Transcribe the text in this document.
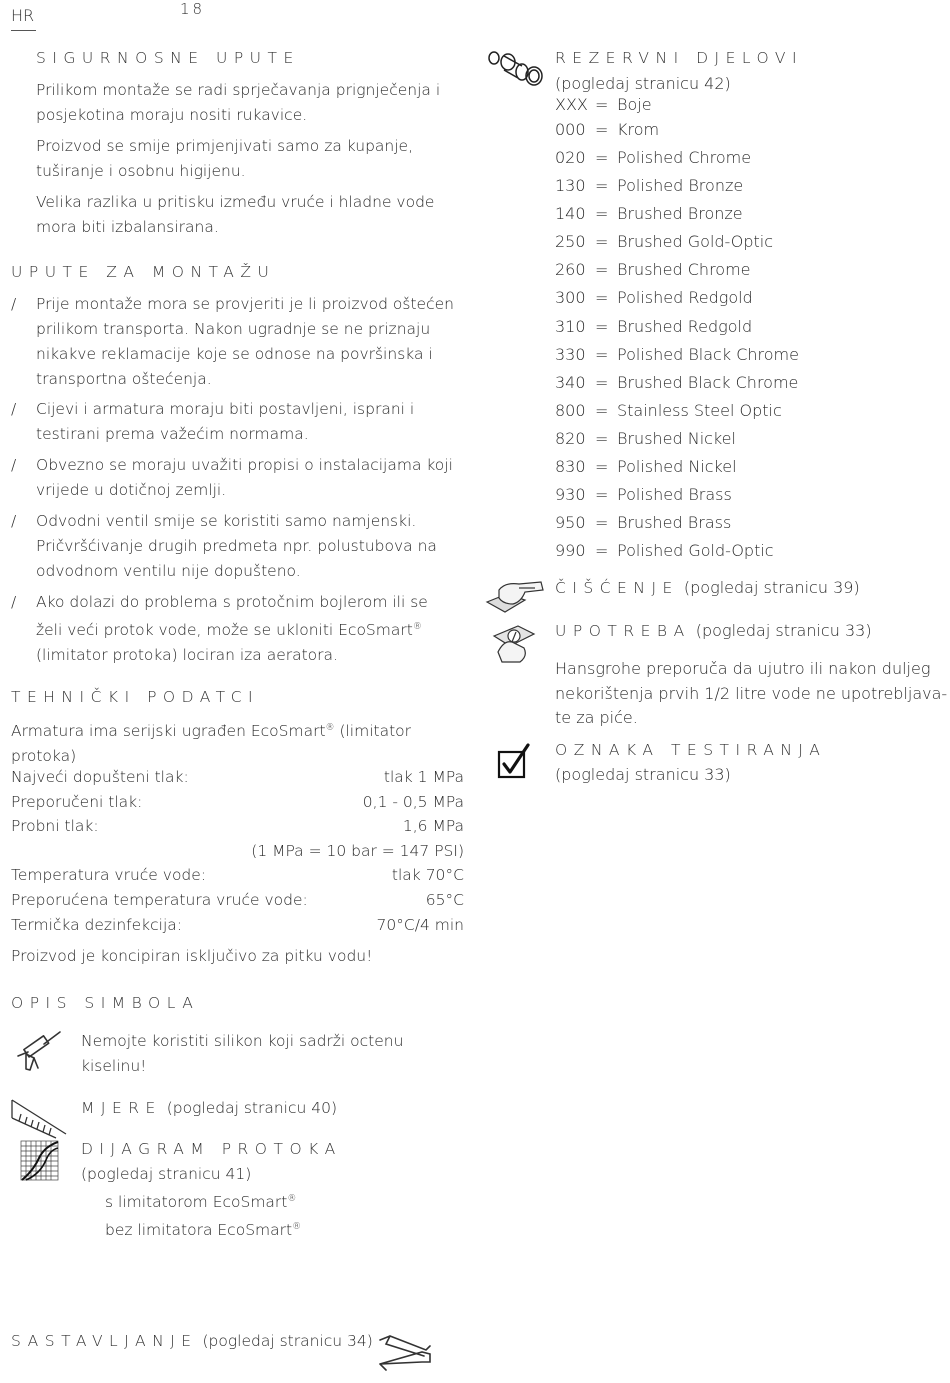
HR	18
SIGURNOSNE UPUTE
Prilikom montaže se radi sprječavanja prignječenja i
posjekotina moraju nositi rukavice.
Proizvod se smije primjenjivati samo za kupanje,
tuširanje i osobnu higijenu.
Velika razlika u pritisku između vruće i hladne vode
mora biti izbalansirana.
UPUTE ZA MONTAŽU
/ Prije montaže mora se provjeriti je li proizvod oštećen
prilikom transporta. Nakon ugradnje se ne priznaju
nikakve reklamacije koje se odnose na površinska i
transportna oštećenja.
/ Cijevi i armatura moraju biti postavljeni, isprani i
testirani prema važećim normama.
/ Obvezno se moraju uvažiti propisi o instalacijama koji
vrijede u dotičnoj zemlji.
/ Odvodni ventil smije se koristiti samo namjenski.
Pričvršćivanje drugih predmeta npr. polustubova na
odvodnom ventilu nije dopušteno.
/ Ako dolazi do problema s protočnim bojlerom ili se
želi veći protok vode, može se ukloniti EcoSmart®
(limitator protoka) lociran iza aeratora.
TEHNIČKI PODATCI
Armatura ima serijski ugrađen EcoSmart® (limitator
protoka)
Najveći dopušteni tlak:	tlak 1 MPa
Preporučeni tlak:	0,1 - 0,5 MPa
Probni tlak:	1,6 MPa
(1 MPa = 10 bar = 147 PSI)
Temperatura vruće vode:	tlak 70°C
Preporućena temperatura vruće vode:	65°C
Termička dezinfekcija:	70°C/4 min
Proizvod je koncipiran isključivo za pitku vodu!
OPIS SIMBOLA
Nemojte koristiti silikon koji sadrži octenu
kiselinu!
MJERE (pogledaj stranicu 40)
DIJAGRAM PROTOKA
(pogledaj stranicu 41)
s limitatorom EcoSmart®
bez limitatora EcoSmart®
SASTAVLJANJE (pogledaj stranicu 34)
REZERVNI DJELOVI
(pogledaj stranicu 42)
XXX = Boje
000 = Krom
020 = Polished Chrome
130 = Polished Bronze
140 = Brushed Bronze
250 = Brushed Gold-Optic
260 = Brushed Chrome
300 = Polished Redgold
310 = Brushed Redgold
330 = Polished Black Chrome
340 = Brushed Black Chrome
800 = Stainless Steel Optic
820 = Brushed Nickel
830 = Polished Nickel
930 = Polished Brass
950 = Brushed Brass
990 = Polished Gold-Optic
ČIŠĆENJE (pogledaj stranicu 39)
UPOTREBA (pogledaj stranicu 33)
Hansgrohe preporuča da ujutro ili nakon duljeg
nekorištenja prvih 1/2 litre vode ne upotrebljava-
te za piće.
OZNAKA TESTIRANJA
(pogledaj stranicu 33)
